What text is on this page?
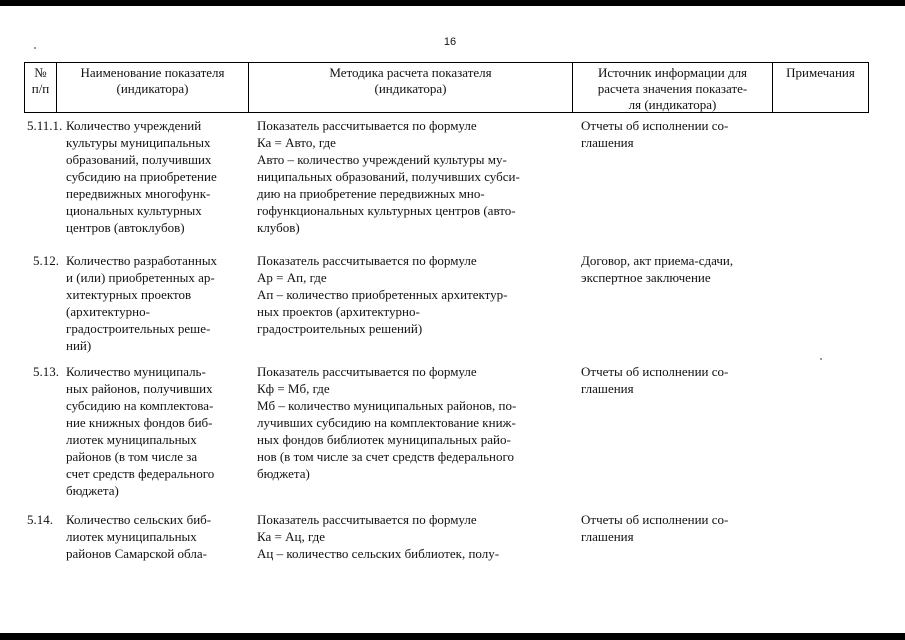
16
№
п/п
Наименование показателя
(индикатора)
Методика расчета показателя
(индикатора)
Источник информации для
расчета значения показате-
ля (индикатора)
Примечания
5.11.1. Количество учреждений
культуры муниципальных
образований, получивших
субсидию на приобретение
передвижных многофунк-
циональных культурных
центров (автоклубов)
Показатель рассчитывается по формуле
Ка = Авто, где
Авто – количество учреждений культуры му-
ниципальных образований, получивших субси-
дию на приобретение передвижных мно-
гофункциональных культурных центров (авто-
клубов)
Отчеты об исполнении со-
глашения
5.12. Количество разработанных
и (или) приобретенных ар-
хитектурных проектов
(архитектурно-
градостроительных реше-
ний)
Показатель рассчитывается по формуле
Ар = Ап, где
Ап – количество приобретенных архитектур-
ных проектов (архитектурно-
градостроительных решений)
Договор, акт приема-сдачи,
экспертное заключение
5.13. Количество муниципаль-
ных районов, получивших
субсидию на комплектова-
ние книжных фондов биб-
лиотек муниципальных
районов (в том числе за
счет средств федерального
бюджета)
Показатель рассчитывается по формуле
Кф = Мб, где
Мб – количество муниципальных районов, по-
лучивших субсидию на комплектование книж-
ных фондов библиотек муниципальных райо-
нов (в том числе за счет средств федерального
бюджета)
Отчеты об исполнении со-
глашения
5.14. Количество сельских биб-
лиотек муниципальных
районов Самарской обла-
Показатель рассчитывается по формуле
Ка = Ац, где
Ац – количество сельских библиотек, полу-
Отчеты об исполнении со-
глашения
